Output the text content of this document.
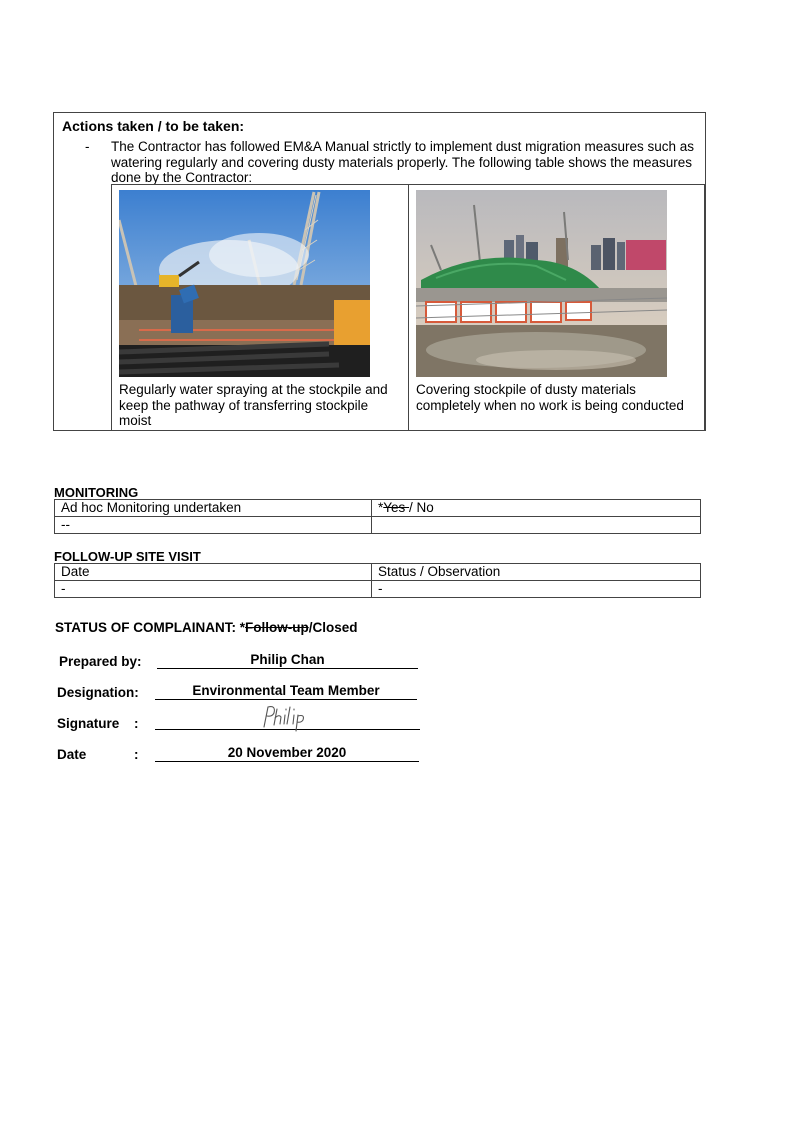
Actions taken / to be taken:
- The Contractor has followed EM&A Manual strictly to implement dust migration measures such as watering regularly and covering dusty materials properly. The following table shows the measures done by the Contractor:
Regularly water spraying at the stockpile and keep the pathway of transferring stockpile moist
Covering stockpile of dusty materials completely when no work is being conducted
MONITORING
Ad hoc Monitoring undertaken	*Yes / No
--	
FOLLOW-UP SITE VISIT
Date	Status / Observation
-	-
STATUS OF COMPLAINANT: *Follow-up/Closed
Prepared by:	Philip Chan
Designation:	Environmental Team Member
Signature :
Date	:	20 November 2020
